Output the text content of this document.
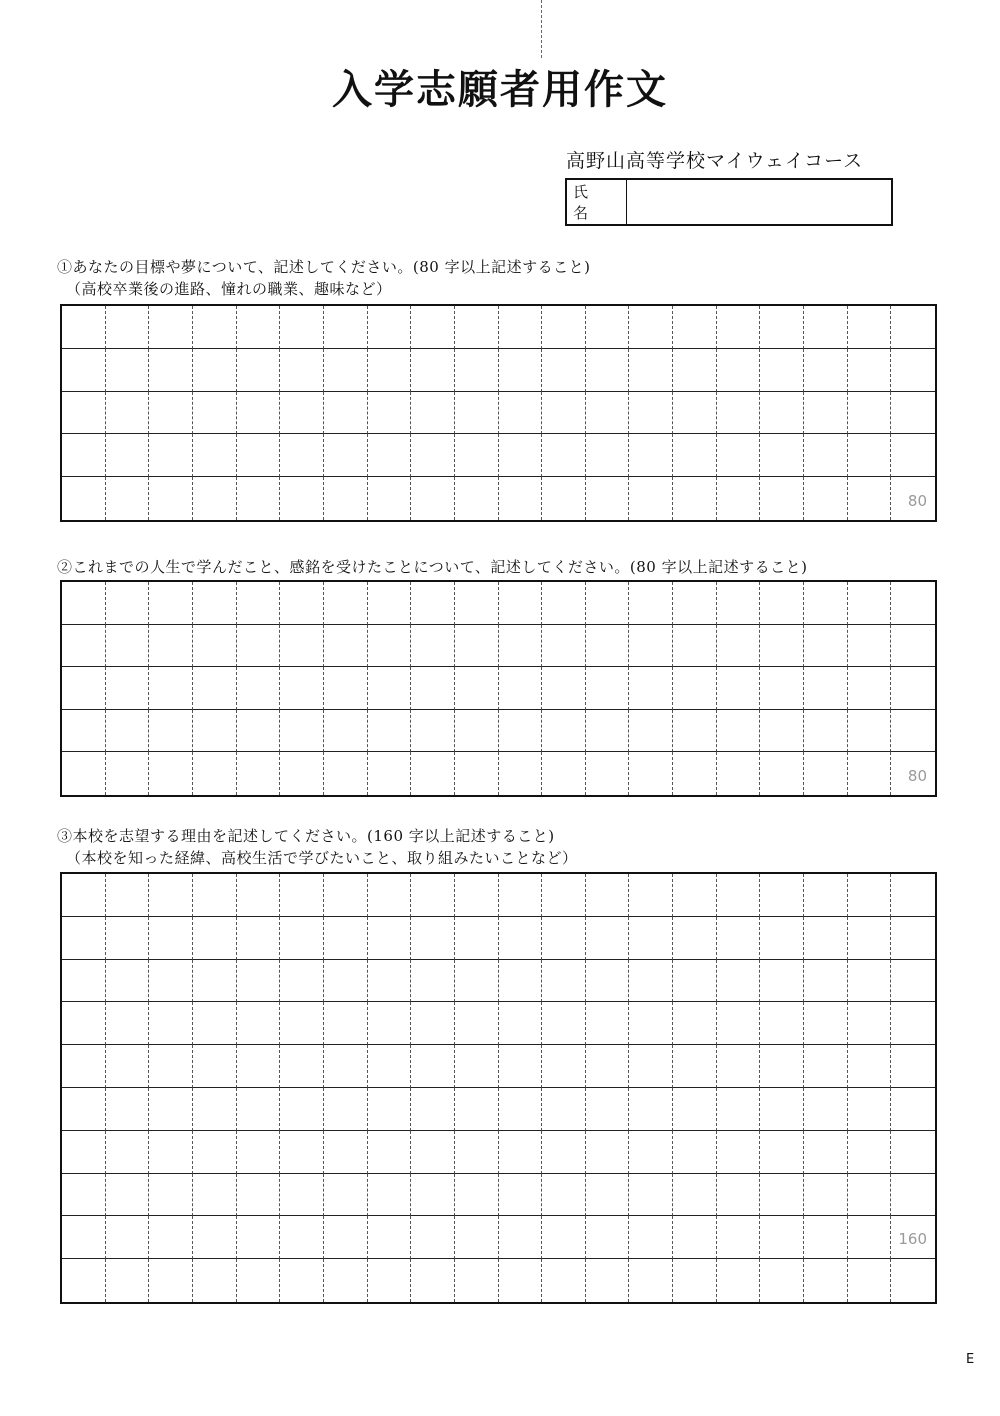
入学志願者用作文
高野山高等学校マイウェイコース
氏　名
①あなたの目標や夢について、記述してください。(80 字以上記述すること)
（高校卒業後の進路、憧れの職業、趣味など）
80
②これまでの人生で学んだこと、感銘を受けたことについて、記述してください。(80 字以上記述すること)
80
③本校を志望する理由を記述してください。(160 字以上記述すること)
（本校を知った経緯、高校生活で学びたいこと、取り組みたいことなど）
160
E
